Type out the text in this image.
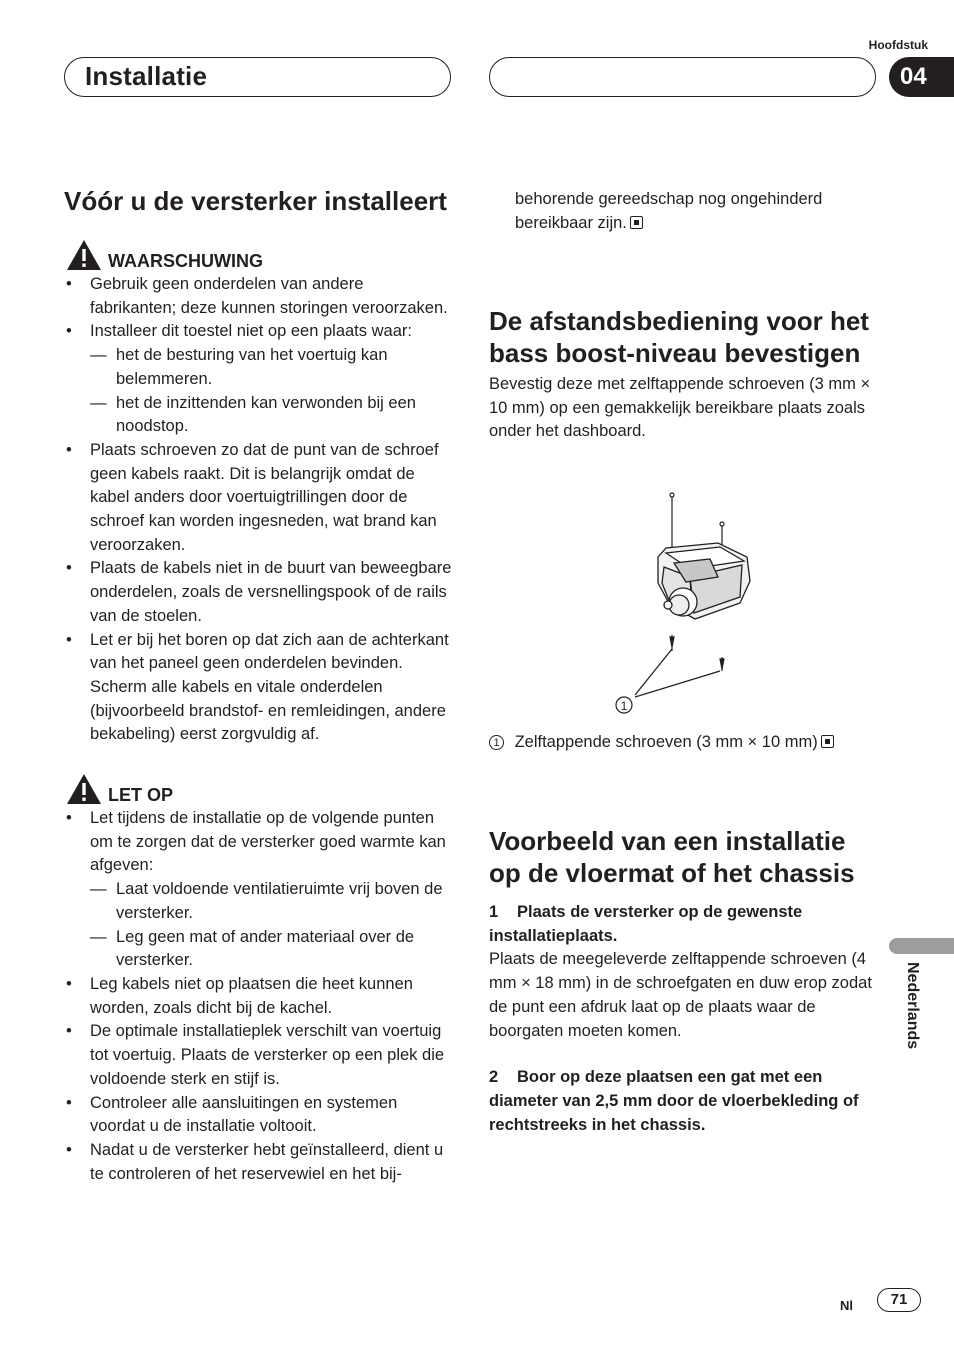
Installatie
Hoofdstuk
04
Vóór u de versterker installeert
WAARSCHUWING
• Gebruik geen onderdelen van andere fabrikanten; deze kunnen storingen veroorzaken.
• Installeer dit toestel niet op een plaats waar:
— het de besturing van het voertuig kan belemmeren.
— het de inzittenden kan verwonden bij een noodstop.
• Plaats schroeven zo dat de punt van de schroef geen kabels raakt. Dit is belangrijk omdat de kabel anders door voertuigtrillingen door de schroef kan worden ingesneden, wat brand kan veroorzaken.
• Plaats de kabels niet in de buurt van beweegbare onderdelen, zoals de versnellingspook of de rails van de stoelen.
• Let er bij het boren op dat zich aan de achterkant van het paneel geen onderdelen bevinden. Scherm alle kabels en vitale onderdelen (bijvoorbeeld brandstof- en remleidingen, andere bekabeling) eerst zorgvuldig af.
LET OP
• Let tijdens de installatie op de volgende punten om te zorgen dat de versterker goed warmte kan afgeven:
— Laat voldoende ventilatieruimte vrij boven de versterker.
— Leg geen mat of ander materiaal over de versterker.
• Leg kabels niet op plaatsen die heet kunnen worden, zoals dicht bij de kachel.
• De optimale installatieplek verschilt van voertuig tot voertuig. Plaats de versterker op een plek die voldoende sterk en stijf is.
• Controleer alle aansluitingen en systemen voordat u de installatie voltooit.
• Nadat u de versterker hebt geïnstalleerd, dient u te controleren of het reservewiel en het bij-
behorende gereedschap nog ongehinderd bereikbaar zijn.
De afstandsbediening voor het bass boost-niveau bevestigen
Bevestig deze met zelftappende schroeven (3 mm × 10 mm) op een gemakkelijk bereikbare plaats zoals onder het dashboard.
1
1 Zelftappende schroeven (3 mm × 10 mm)
Voorbeeld van een installatie op de vloermat of het chassis
1 Plaats de versterker op de gewenste installatieplaats.
Plaats de meegeleverde zelftappende schroeven (4 mm × 18 mm) in de schroefgaten en duw erop zodat de punt een afdruk laat op de plaats waar de boorgaten moeten komen.
2 Boor op deze plaatsen een gat met een diameter van 2,5 mm door de vloerbekleding of rechtstreeks in het chassis.
Nederlands
Nl	71
